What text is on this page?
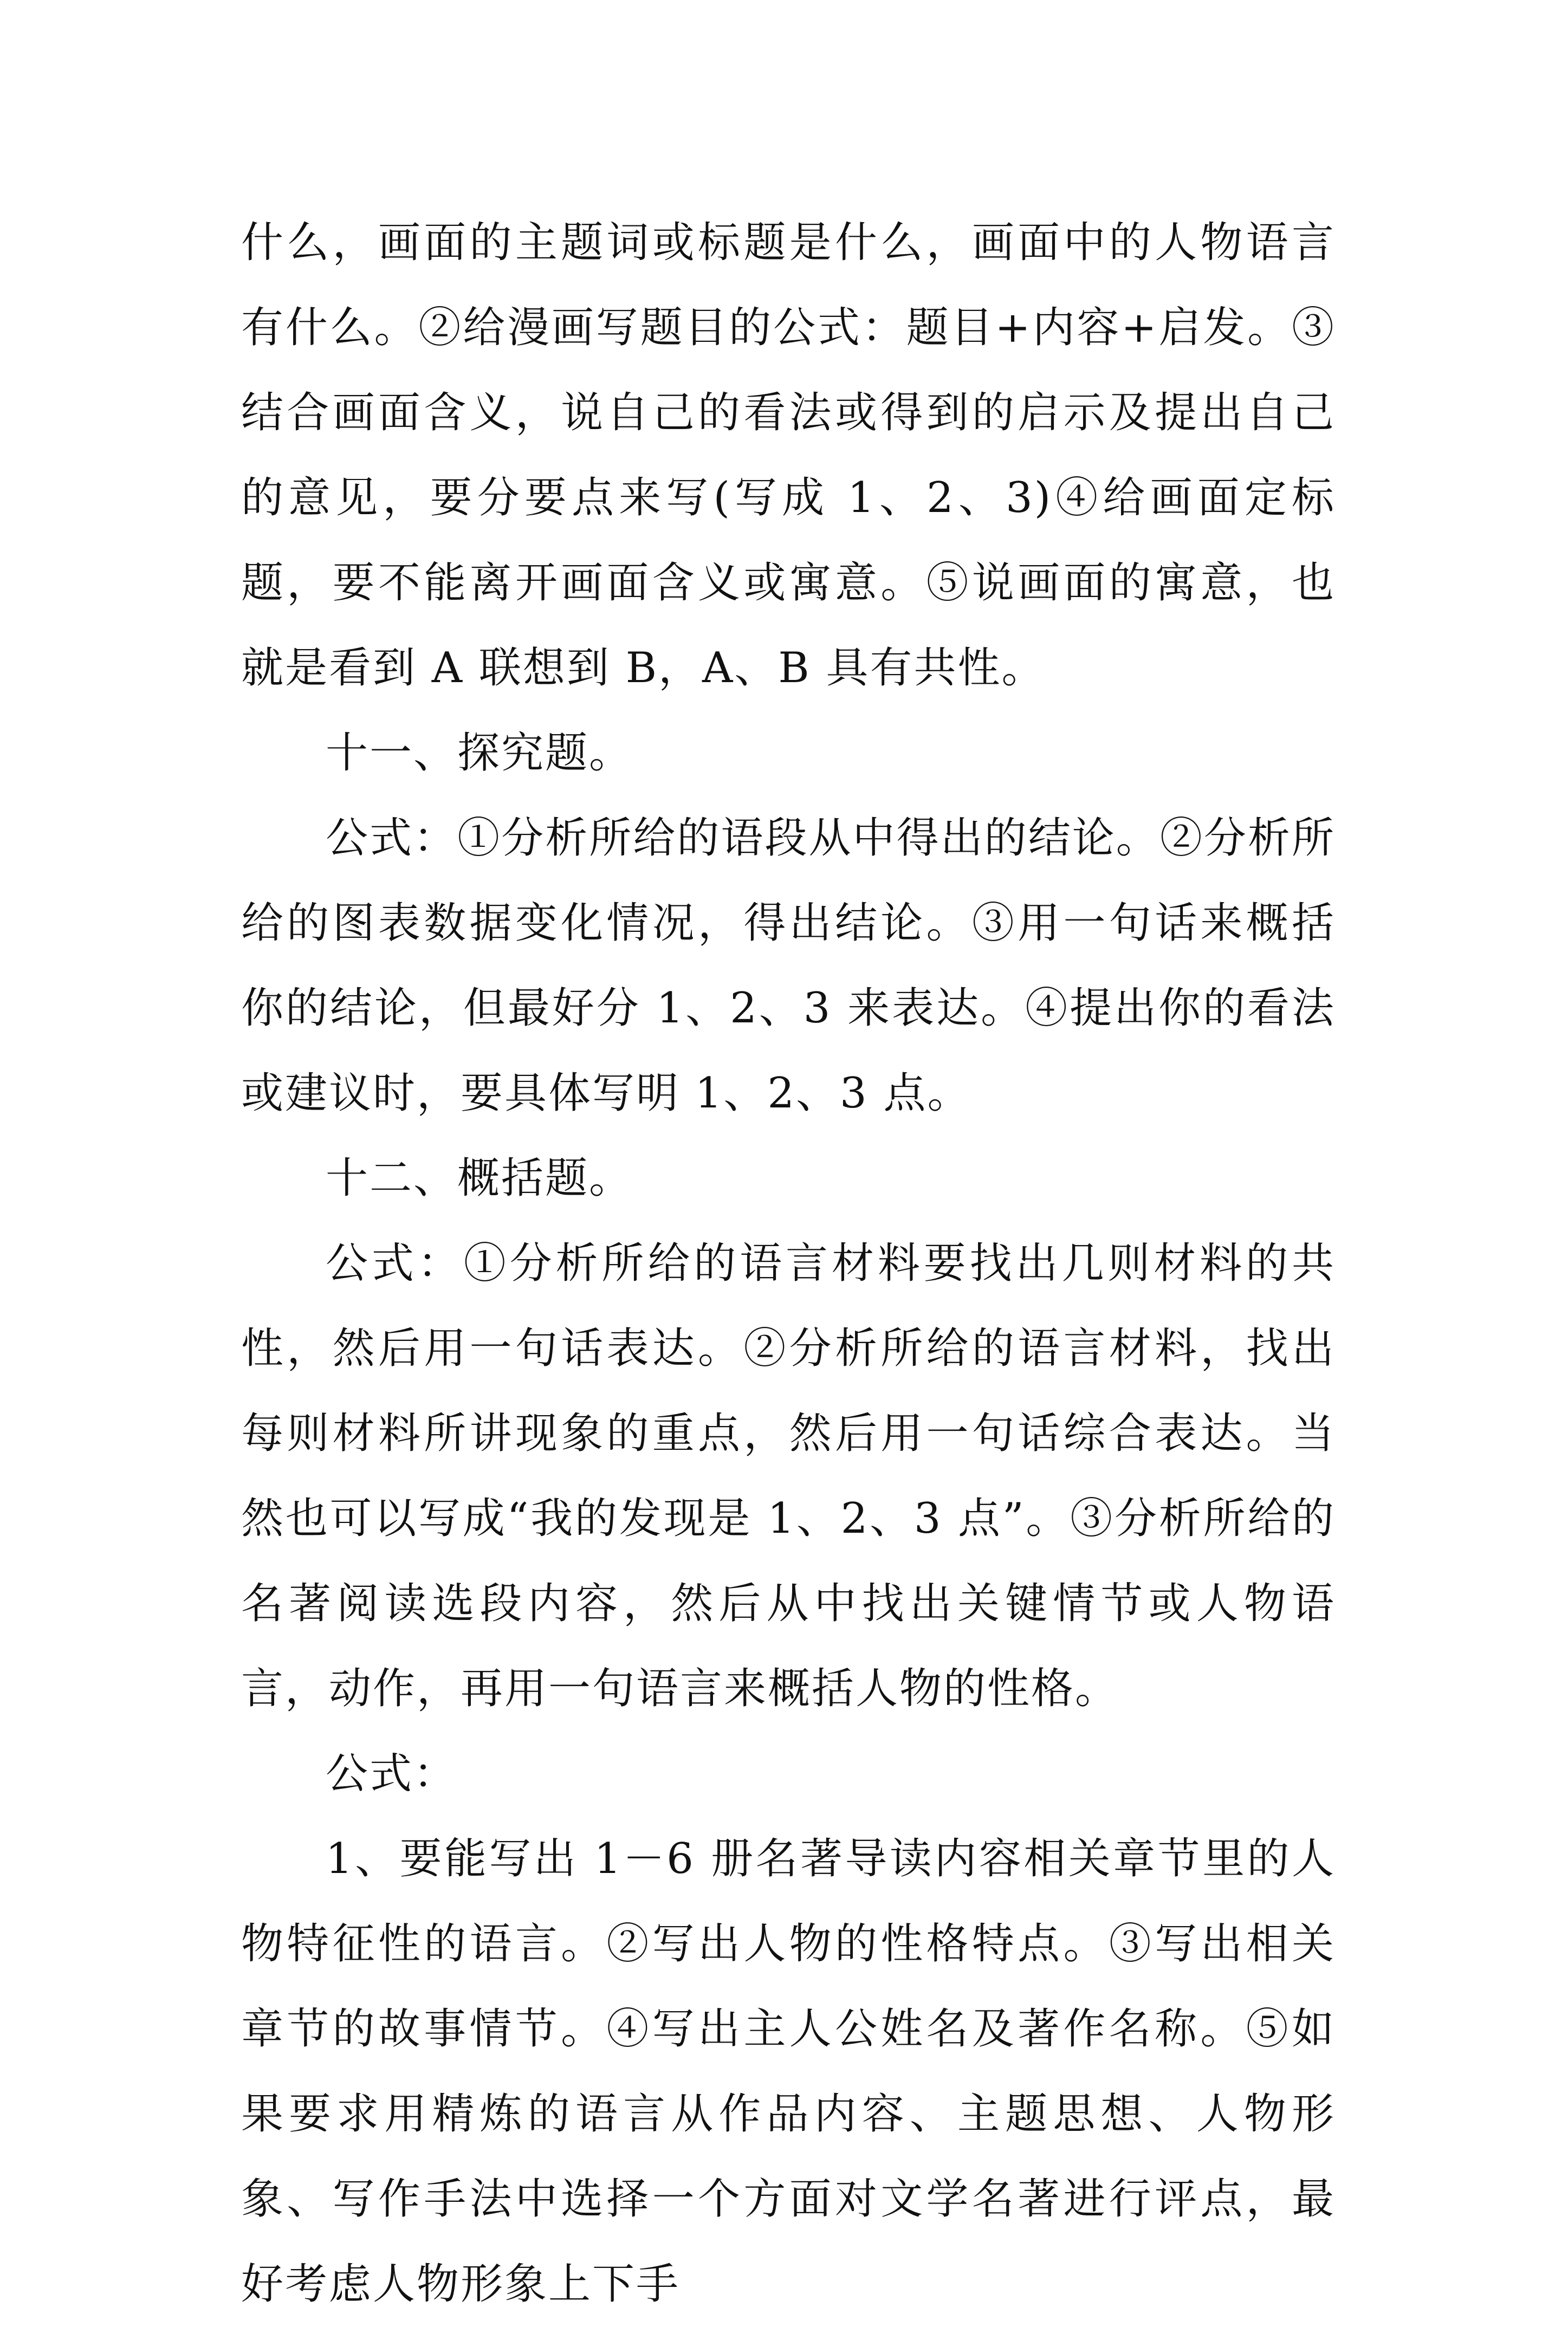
什么，画面的主题词或标题是什么，画面中的人物语言有什么。②给漫画写题目的公式：题目+内容+启发。③结合画面含义，说自己的看法或得到的启示及提出自己的意见，要分要点来写(写成 1、2、3)④给画面定标题，要不能离开画面含义或寓意。⑤说画面的寓意，也就是看到 A 联想到 B，A、B 具有共性。

十一、探究题。

公式：①分析所给的语段从中得出的结论。②分析所给的图表数据变化情况，得出结论。③用一句话来概括你的结论，但最好分 1、2、3 来表达。④提出你的看法或建议时，要具体写明 1、2、3 点。

十二、概括题。

公式：①分析所给的语言材料要找出几则材料的共性，然后用一句话表达。②分析所给的语言材料，找出每则材料所讲现象的重点，然后用一句话综合表达。当然也可以写成“我的发现是 1、2、3 点”。③分析所给的名著阅读选段内容，然后从中找出关键情节或人物语言，动作，再用一句语言来概括人物的性格。

公式：

1、要能写出 1－6 册名著导读内容相关章节里的人物特征性的语言。②写出人物的性格特点。③写出相关章节的故事情节。④写出主人公姓名及著作名称。⑤如果要求用精炼的语言从作品内容、主题思想、人物形象、写作手法中选择一个方面对文学名著进行评点，最好考虑人物形象上下手
